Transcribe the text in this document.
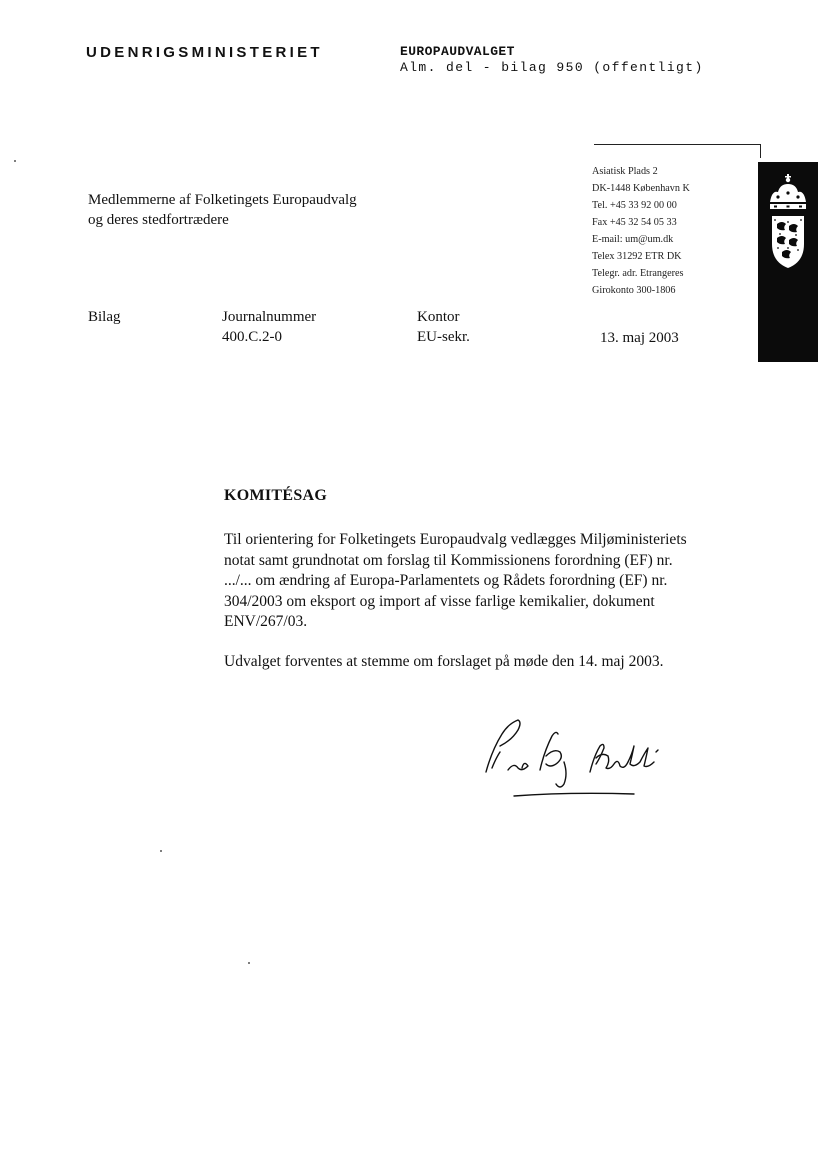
UDENRIGSMINISTERIET	EUROPAUDVALGET
Alm. del - bilag 950 (offentligt)
Asiatisk Plads 2
DK-1448 København K
Tel. +45 33 92 00 00
Fax +45 32 54 05 33
E-mail: um@um.dk
Telex 31292 ETR DK
Telegr. adr. Etrangeres
Girokonto 300-1806
Medlemmerne af Folketingets Europaudvalg
og deres stedfortrædere
Bilag	Journalnummer
400.C.2-0
Kontor
EU-sekr.	13. maj 2003
KOMITÉSAG
Til orientering for Folketingets Europaudvalg vedlægges Miljøministeriets
notat samt grundnotat om forslag til Kommissionens forordning (EF) nr.
.../... om ændring af Europa-Parlamentets og Rådets forordning (EF) nr.
304/2003 om eksport og import af visse farlige kemikalier, dokument
ENV/267/03.
Udvalget forventes at stemme om forslaget på møde den 14. maj 2003.
